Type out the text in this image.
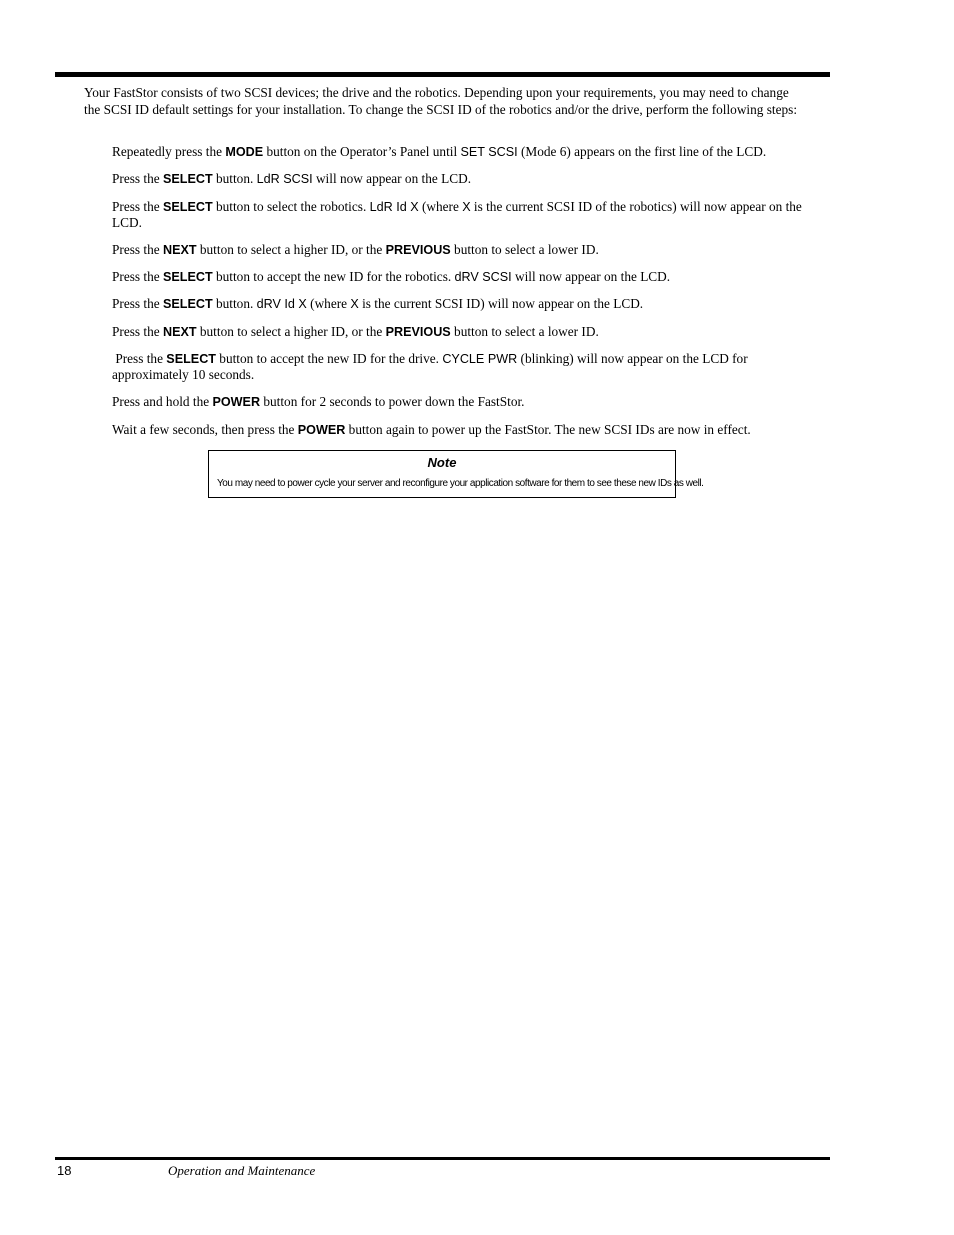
Your FastStor consists of two SCSI devices; the drive and the robotics. Depending upon your requirements, you may need to change the SCSI ID default settings for your installation. To change the SCSI ID of the robotics and/or the drive, perform the following steps:

Repeatedly press the MODE button on the Operator’s Panel until SET SCSI (Mode 6) appears on the first line of the LCD.
Press the SELECT button. LdR SCSI will now appear on the LCD.
Press the SELECT button to select the robotics. LdR Id X (where X is the current SCSI ID of the robotics) will now appear on the LCD.
Press the NEXT button to select a higher ID, or the PREVIOUS button to select a lower ID.
Press the SELECT button to accept the new ID for the robotics. dRV SCSI will now appear on the LCD.
Press the SELECT button. dRV Id X (where X is the current SCSI ID) will now appear on the LCD.
Press the NEXT button to select a higher ID, or the PREVIOUS button to select a lower ID.
Press the SELECT button to accept the new ID for the drive. CYCLE PWR (blinking) will now appear on the LCD for approximately 10 seconds.
Press and hold the POWER button for 2 seconds to power down the FastStor.
Wait a few seconds, then press the POWER button again to power up the FastStor. The new SCSI IDs are now in effect.
Note
You may need to power cycle your server and reconfigure your application software for them to see these new IDs as well.
18	Operation and Maintenance
